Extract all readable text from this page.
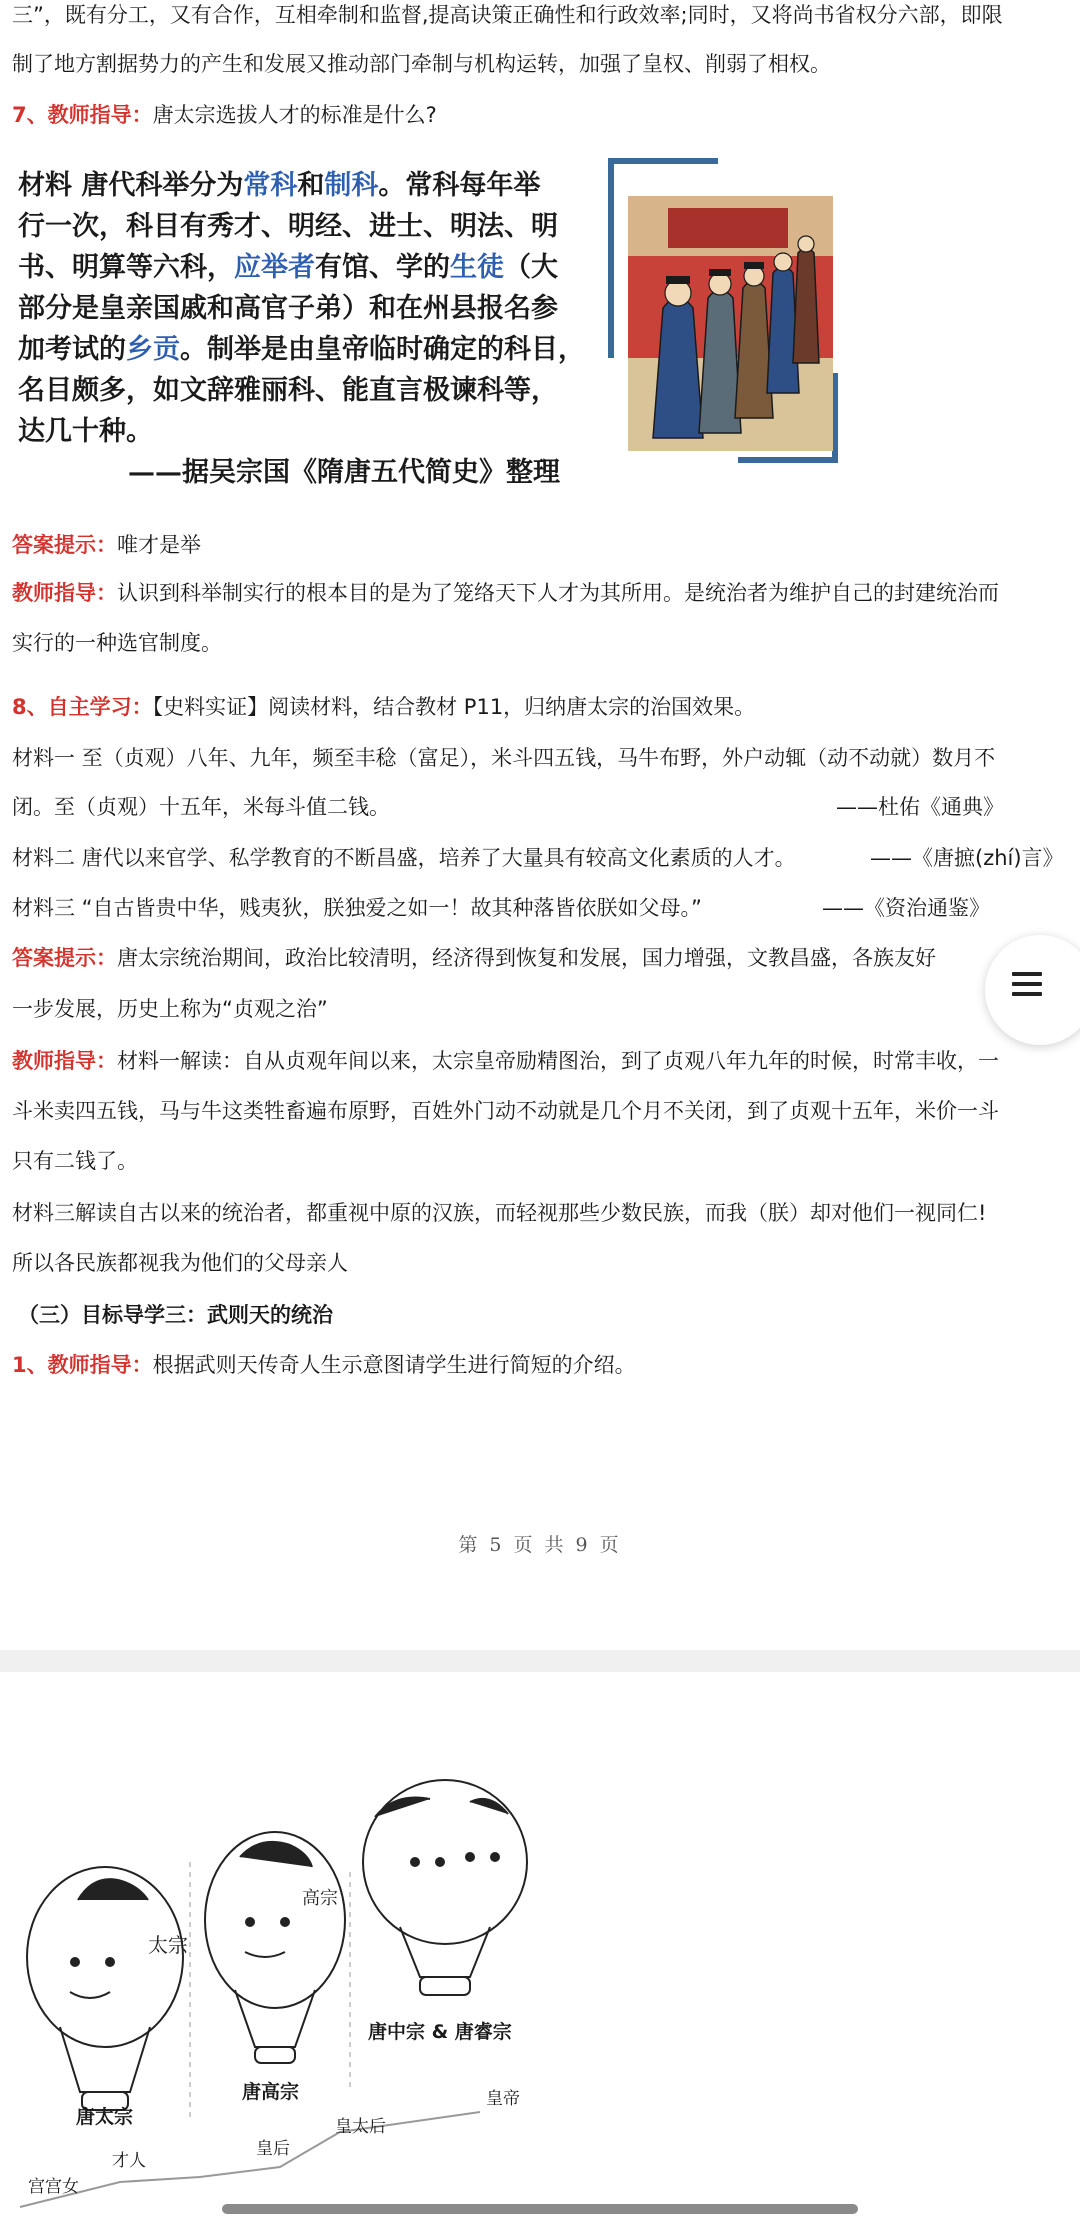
三”，既有分工，又有合作，互相牵制和监督,提高诀策正确性和行政效率;同时，又将尚书省权分六部，即限
制了地方割据势力的产生和发展又推动部门牵制与机构运转，加强了皇权、削弱了相权。
7、教师指导：唐太宗选拔人才的标准是什么?
材料 唐代科举分为常科和制科。常科每年举
行一次，科目有秀才、明经、进士、明法、明
书、明算等六科，应举者有馆、学的生徒（大
部分是皇亲国戚和高官子弟）和在州县报名参
加考试的乡贡。制举是由皇帝临时确定的科目，
名目颇多，如文辞雅丽科、能直言极谏科等，
达几十种。
——据吴宗国《隋唐五代简史》整理
答案提示：唯才是举
教师指导：认识到科举制实行的根本目的是为了笼络天下人才为其所用。是统治者为维护自己的封建统治而
实行的一种选官制度。
8、自主学习：【史料实证】阅读材料，结合教材 P11，归纳唐太宗的治国效果。
材料一 至（贞观）八年、九年，频至丰稔（富足），米斗四五钱，马牛布野，外户动辄（动不动就）数月不
闭。至（贞观）十五年，米每斗值二钱。	——杜佑《通典》
材料二 唐代以来官学、私学教育的不断昌盛，培养了大量具有较高文化素质的人才。	——《唐摭(zhí)言》
材料三 “自古皆贵中华，贱夷狄，朕独爱之如一！故其种落皆依朕如父母。”	——《资治通鉴》
答案提示：唐太宗统治期间，政治比较清明，经济得到恢复和发展，国力增强，文教昌盛，各族友好
一步发展，历史上称为“贞观之治”
教师指导：材料一解读：自从贞观年间以来，太宗皇帝励精图治，到了贞观八年九年的时候，时常丰收，一
斗米卖四五钱，马与牛这类牲畜遍布原野，百姓外门动不动就是几个月不关闭，到了贞观十五年，米价一斗
只有二钱了。
材料三解读自古以来的统治者，都重视中原的汉族，而轻视那些少数民族，而我（朕）却对他们一视同仁!
所以各民族都视我为他们的父母亲人
（三）目标导学三：武则天的统治
1、教师指导：根据武则天传奇人生示意图请学生进行简短的介绍。
第 5 页 共 9 页
太宗
高宗
唐太宗
唐高宗
唐中宗 & 唐睿宗
皇帝
皇太后
皇后
才人
宫宫女
